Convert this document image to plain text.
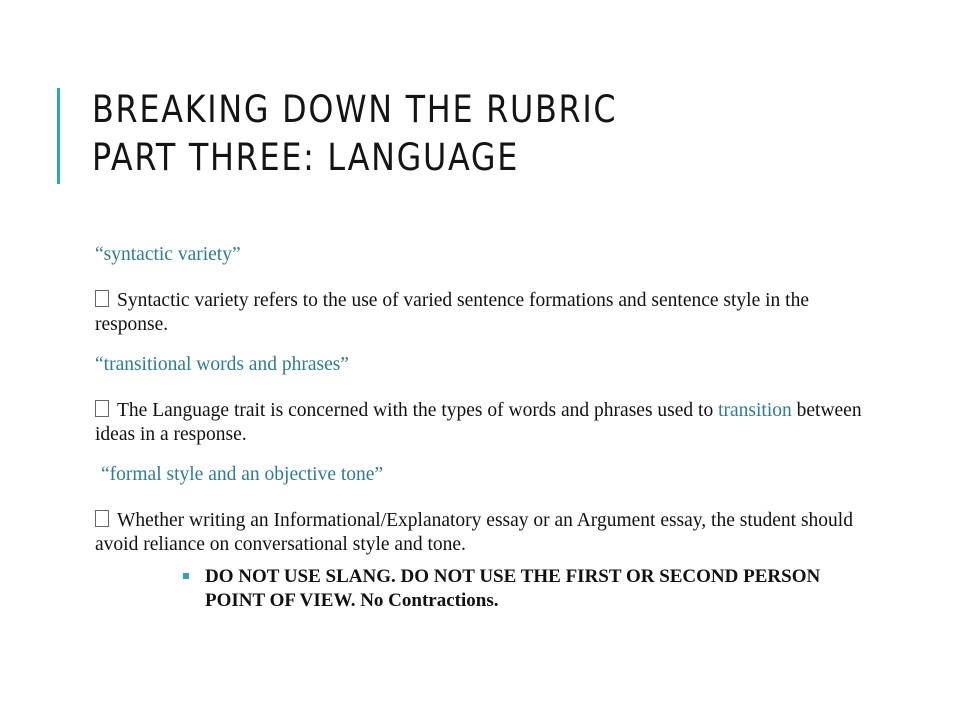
BREAKING DOWN THE RUBRIC
PART THREE: LANGUAGE
“syntactic variety”
Syntactic variety refers to the use of varied sentence formations and sentence style in the response.
“transitional words and phrases”
The Language trait is concerned with the types of words and phrases used to transition between ideas in a response.
“formal style and an objective tone”
Whether writing an Informational/Explanatory essay or an Argument essay, the student should avoid reliance on conversational style and tone.
DO NOT USE SLANG. DO NOT USE THE FIRST OR SECOND PERSON POINT OF VIEW. No Contractions.
